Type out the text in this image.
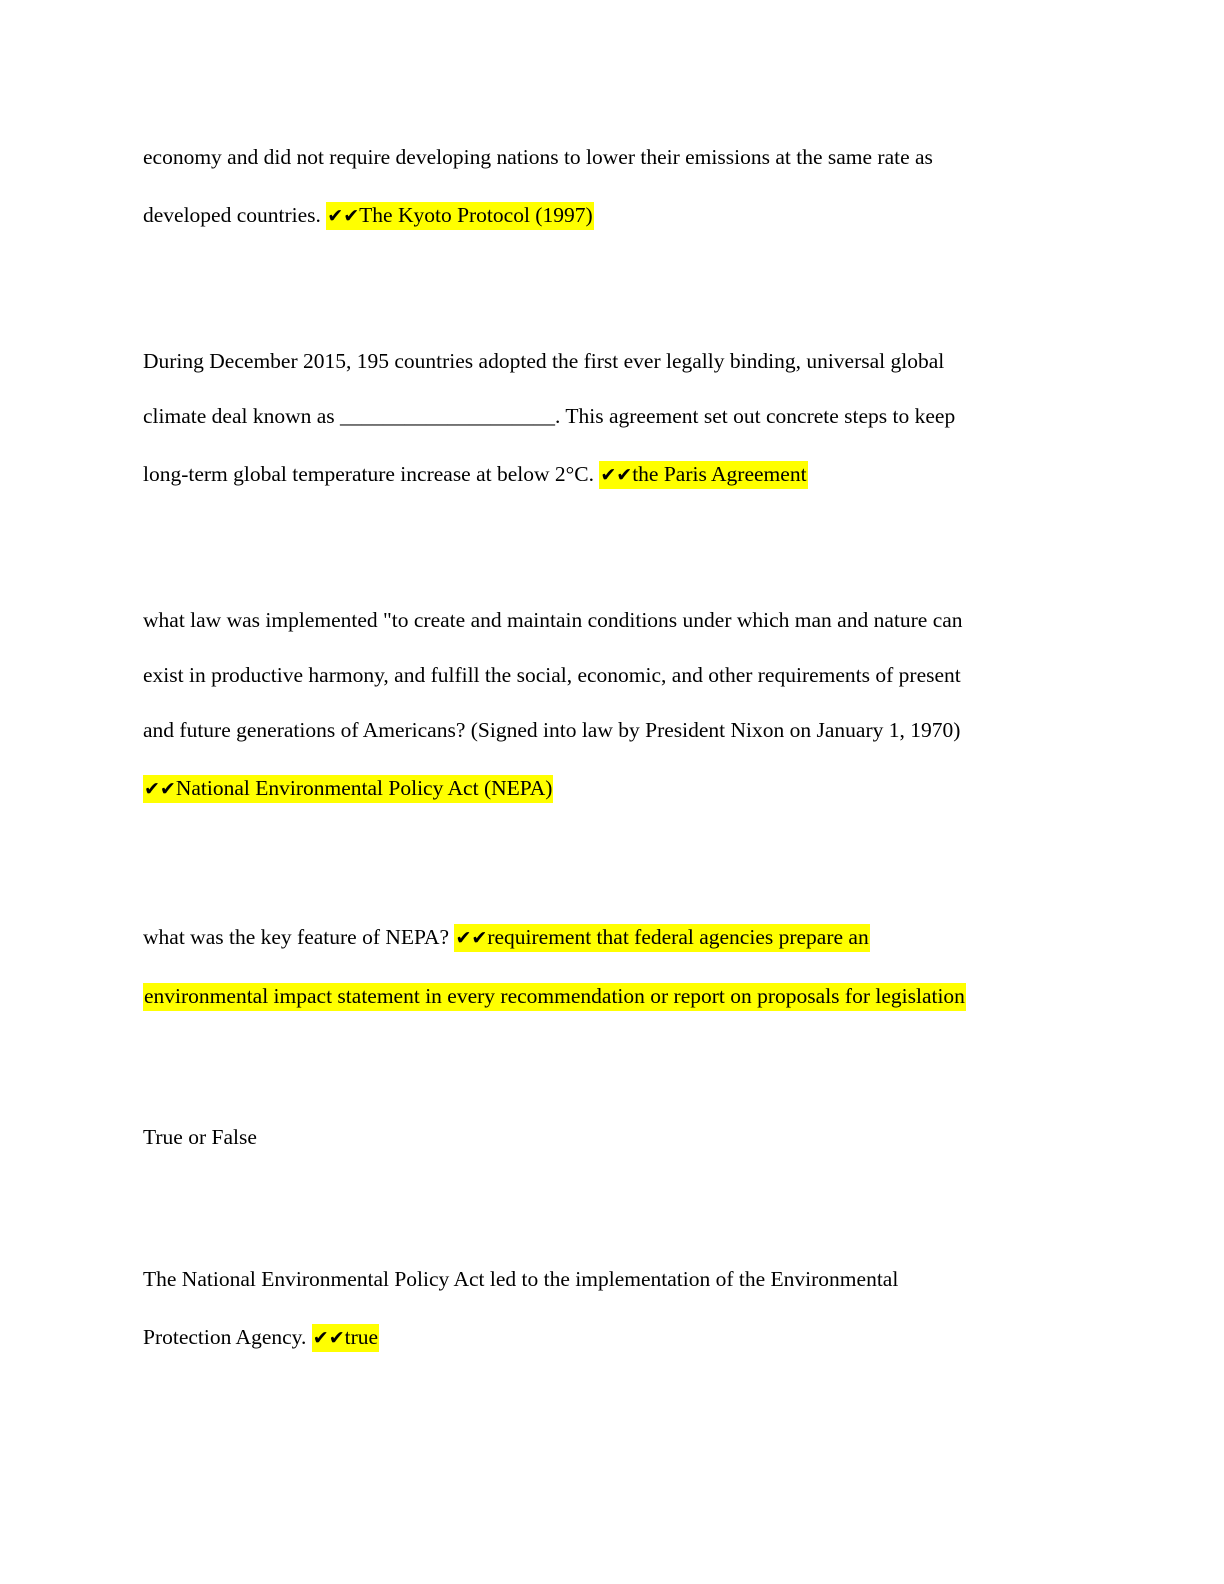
economy and did not require developing nations to lower their emissions at the same rate as
developed countries. ✔✔The Kyoto Protocol (1997)
During December 2015, 195 countries adopted the first ever legally binding, universal global
climate deal known as ____________________. This agreement set out concrete steps to keep
long-term global temperature increase at below 2°C. ✔✔the Paris Agreement
what law was implemented "to create and maintain conditions under which man and nature can
exist in productive harmony, and fulfill the social, economic, and other requirements of present
and future generations of Americans? (Signed into law by President Nixon on January 1, 1970)
✔✔National Environmental Policy Act (NEPA)
what was the key feature of NEPA? ✔✔requirement that federal agencies prepare an
environmental impact statement in every recommendation or report on proposals for legislation
True or False
The National Environmental Policy Act led to the implementation of the Environmental
Protection Agency. ✔✔true
